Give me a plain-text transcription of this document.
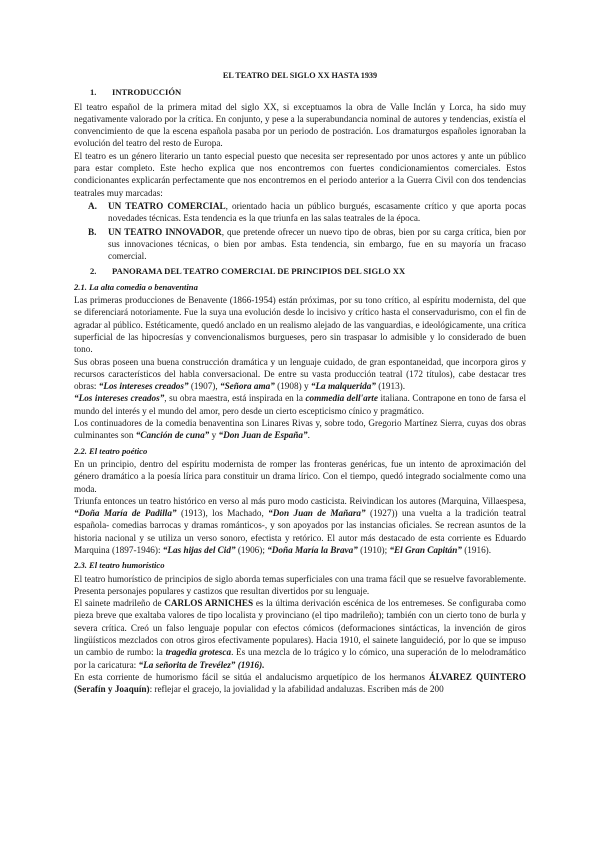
EL TEATRO DEL SIGLO XX HASTA 1939

1. INTRODUCCIÓN

El teatro español de la primera mitad del siglo XX, si exceptuamos la obra de Valle Inclán y Lorca, ha sido muy negativamente valorado por la crítica. En conjunto, y pese a la superabundancia nominal de autores y tendencias, existía el convencimiento de que la escena española pasaba por un periodo de postración. Los dramaturgos españoles ignoraban la evolución del teatro del resto de Europa.

El teatro es un género literario un tanto especial puesto que necesita ser representado por unos actores y ante un público para estar completo. Este hecho explica que nos encontremos con fuertes condicionamientos comerciales. Estos condicionantes explicarán perfectamente que nos encontremos en el periodo anterior a la Guerra Civil con dos tendencias teatrales muy marcadas:

A.	UN TEATRO COMERCIAL, orientado hacia un público burgués, escasamente crítico y que aporta pocas novedades técnicas. Esta tendencia es la que triunfa en las salas teatrales de la época.
B.	UN TEATRO INNOVADOR, que pretende ofrecer un nuevo tipo de obras, bien por su carga crítica, bien por sus innovaciones técnicas, o bien por ambas. Esta tendencia, sin embargo, fue en su mayoría un fracaso comercial.

2. PANORAMA DEL TEATRO COMERCIAL DE PRINCIPIOS DEL SIGLO XX

2.1. La alta comedia o benaventina

Las primeras producciones de Benavente (1866-1954) están próximas, por su tono crítico, al espíritu modernista, del que se diferenciará notoriamente. Fue la suya una evolución desde lo incisivo y crítico hasta el conservadurismo, con el fin de agradar al público. Estéticamente, quedó anclado en un realismo alejado de las vanguardias, e ideológicamente, una crítica superficial de las hipocresías y convencionalismos burgueses, pero sin traspasar lo admisible y lo considerado de buen tono.

Sus obras poseen una buena construcción dramática y un lenguaje cuidado, de gran espontaneidad, que incorpora giros y recursos característicos del habla conversacional. De entre su vasta producción teatral (172 títulos), cabe destacar tres obras: “Los intereses creados” (1907), “Señora ama” (1908) y “La malquerida” (1913).

“Los intereses creados”, su obra maestra, está inspirada en la commedia dell'arte italiana. Contrapone en tono de farsa el mundo del interés y el mundo del amor, pero desde un cierto escepticismo cínico y pragmático.

Los continuadores de la comedia benaventina son Linares Rivas y, sobre todo, Gregorio Martínez Sierra, cuyas dos obras culminantes son “Canción de cuna” y “Don Juan de España”.

2.2. El teatro poético

En un principio, dentro del espíritu modernista de romper las fronteras genéricas, fue un intento de aproximación del género dramático a la poesía lírica para constituir un drama lírico. Con el tiempo, quedó integrado socialmente como una moda.

Triunfa entonces un teatro histórico en verso al más puro modo casticista. Reivindican los autores (Marquina, Villaespesa, “Doña María de Padilla” (1913), los Machado, “Don Juan de Mañara” (1927)) una vuelta a la tradición teatral española- comedias barrocas y dramas románticos-, y son apoyados por las instancias oficiales. Se recrean asuntos de la historia nacional y se utiliza un verso sonoro, efectista y retórico. El autor más destacado de esta corriente es Eduardo Marquina (1897-1946): “Las hijas del Cid” (1906); “Doña María la Brava” (1910); “El Gran Capitán” (1916).

2.3. El teatro humorístico

El teatro humorístico de principios de siglo aborda temas superficiales con una trama fácil que se resuelve favorablemente. Presenta personajes populares y castizos que resultan divertidos por su lenguaje.

El sainete madrileño de CARLOS ARNICHES es la última derivación escénica de los entremeses. Se configuraba como pieza breve que exaltaba valores de tipo localista y provinciano (el tipo madrileño); también con un cierto tono de burla y severa crítica. Creó un falso lenguaje popular con efectos cómicos (deformaciones sintácticas, la invención de giros lingüísticos mezclados con otros giros efectivamente populares). Hacia 1910, el sainete languideció, por lo que se impuso un cambio de rumbo: la tragedia grotesca. Es una mezcla de lo trágico y lo cómico, una superación de lo melodramático por la caricatura: “La señorita de Trevélez” (1916).

En esta corriente de humorismo fácil se sitúa el andalucismo arquetípico de los hermanos ÁLVAREZ QUINTERO (Serafín y Joaquín): reflejar el gracejo, la jovialidad y la afabilidad andaluzas. Escriben más de 200
